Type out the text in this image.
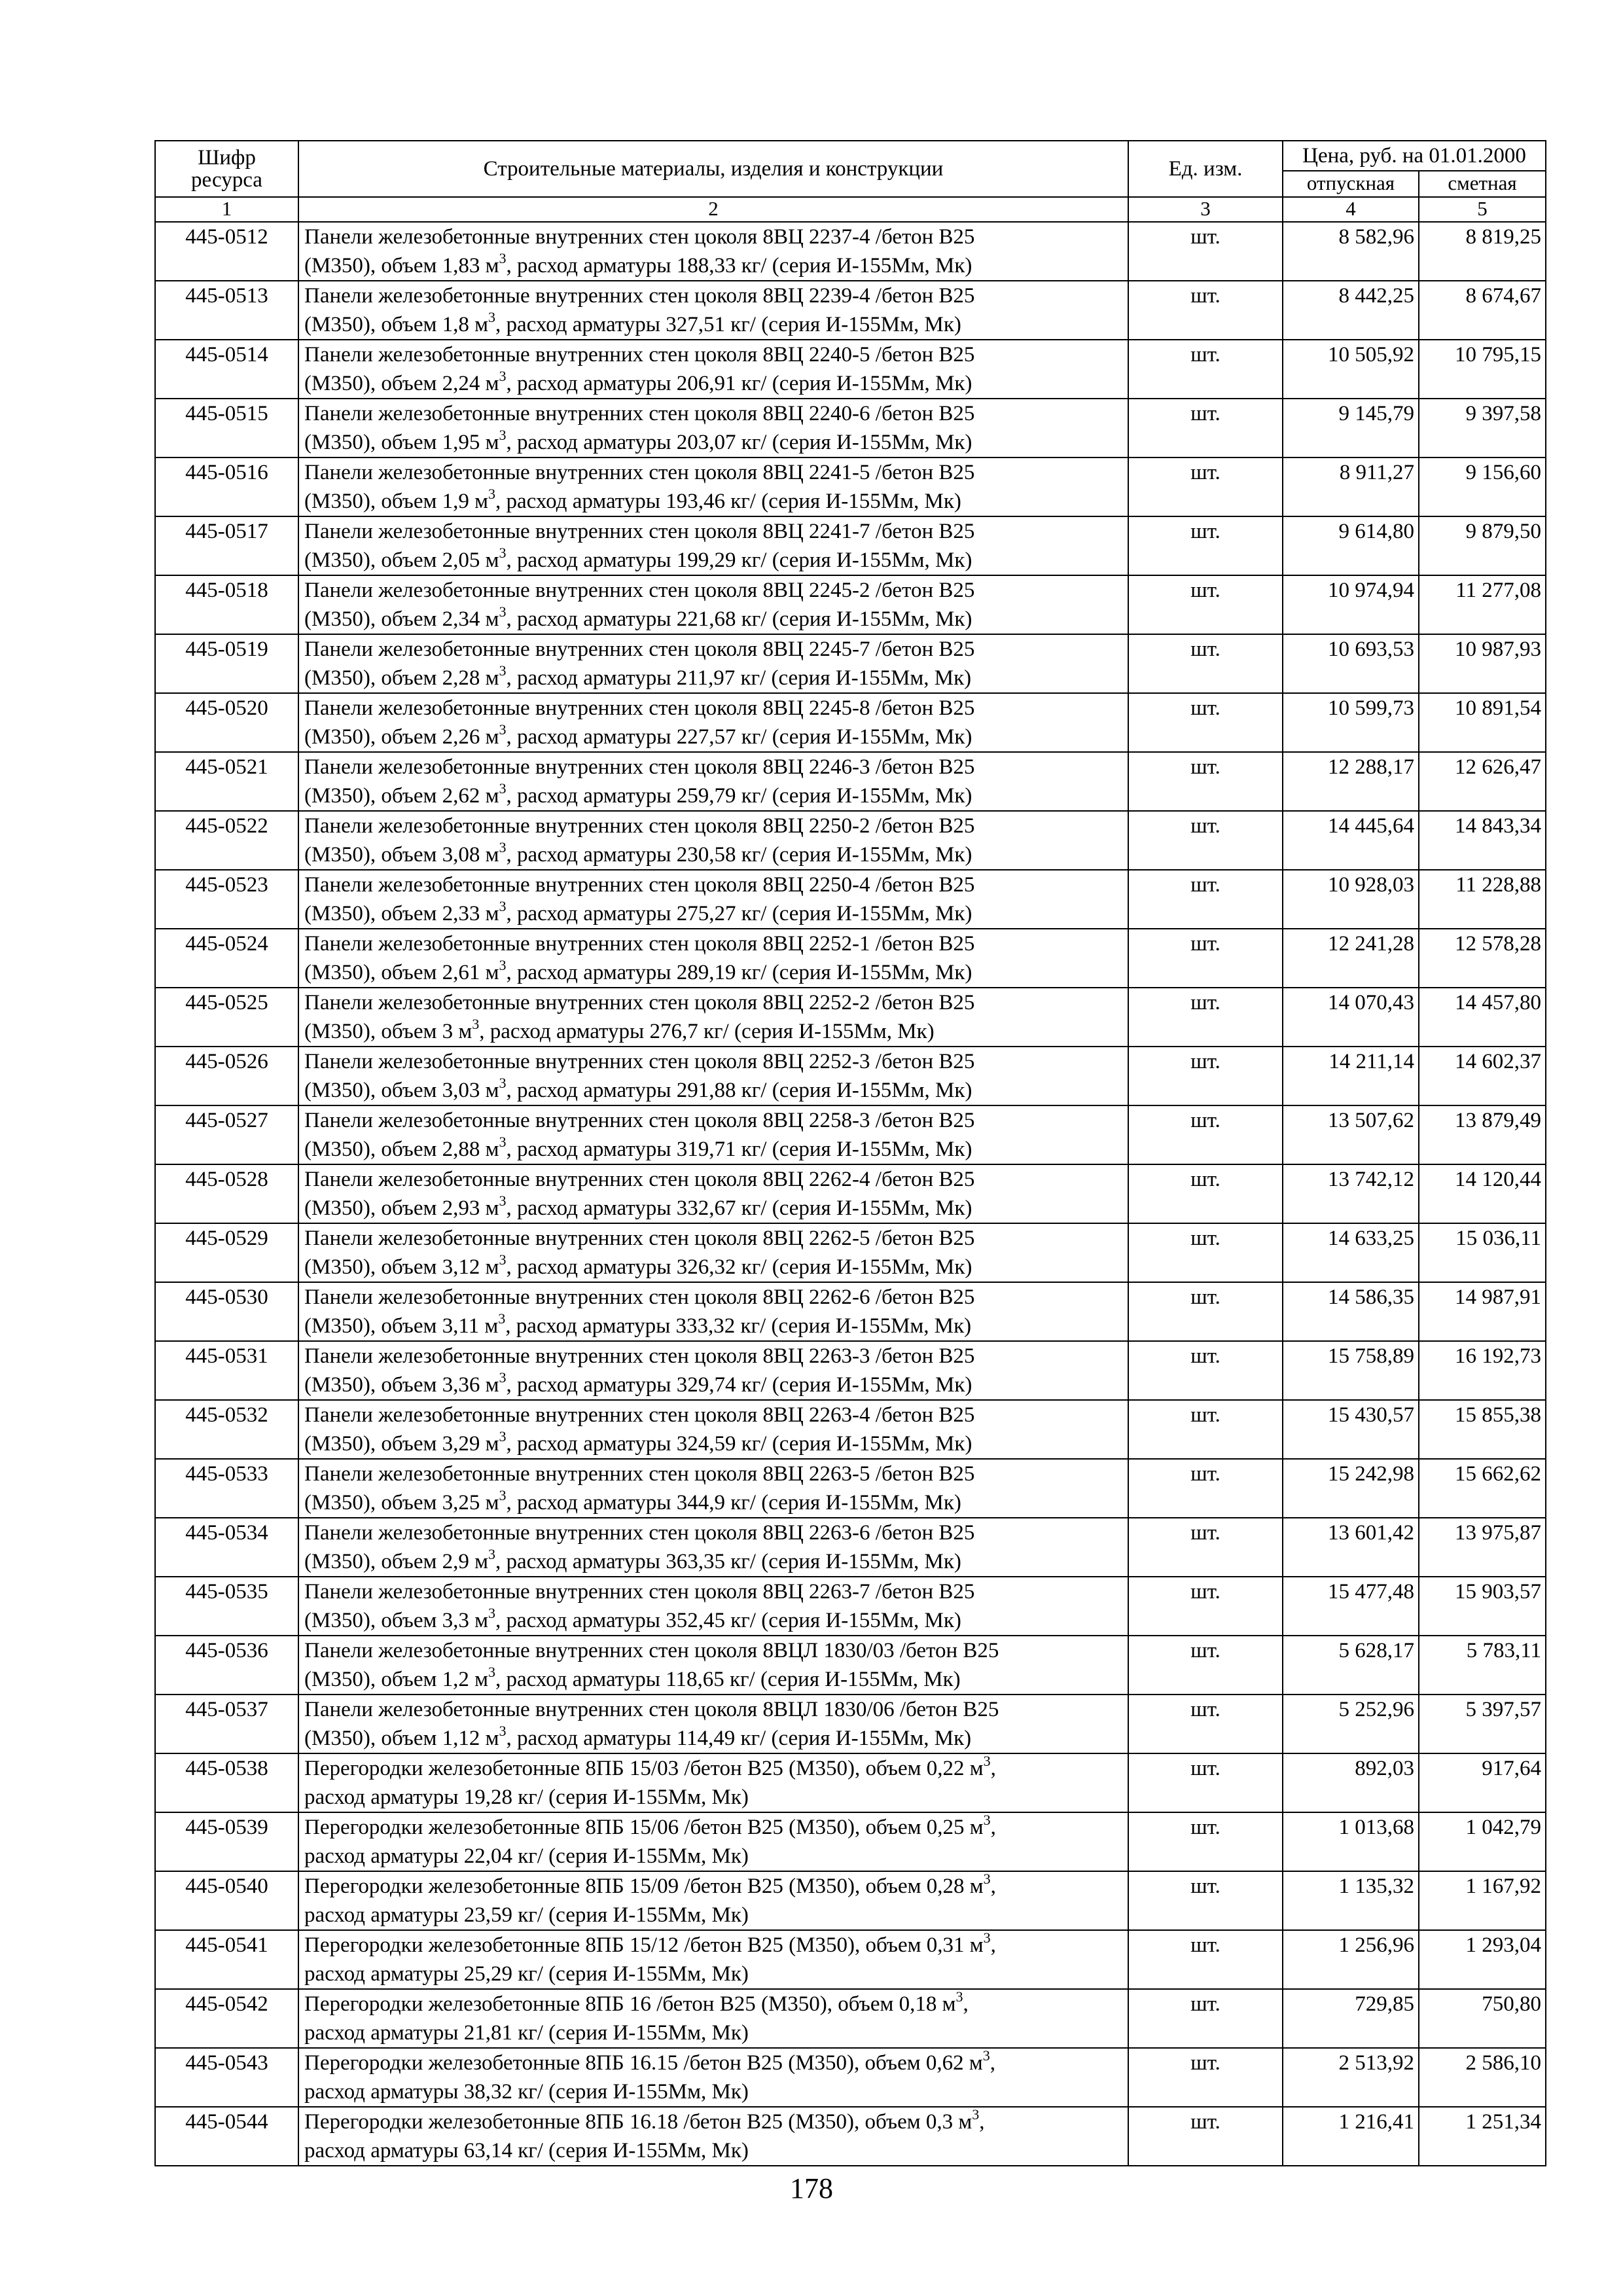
Шифр ресурса	Строительные материалы, изделия и конструкции	Ед. изм.	Цена, руб. на 01.01.2000	
			отпускная	сметная
1	2	3	4	5
445-0512	Панели железобетонные внутренних стен цоколя 8ВЦ 2237-4 /бетон В25
(М350), объем 1,83 $м^3$, расход арматуры 188,33 кг/ (серия И-155Мм, Мк)	шт.	8 582,96	8 819,25
445-0513	Панели железобетонные внутренних стен цоколя 8ВЦ 2239-4 /бетон В25
(М350), объем 1,8 $м^3$, расход арматуры 327,51 кг/ (серия И-155Мм, Мк)	шт.	8 442,25	8 674,67
445-0514	Панели железобетонные внутренних стен цоколя 8ВЦ 2240-5 /бетон В25
(М350), объем 2,24 $м^3$, расход арматуры 206,91 кг/ (серия И-155Мм, Мк)	шт.	10 505,92	10 795,15
445-0515	Панели железобетонные внутренних стен цоколя 8ВЦ 2240-6 /бетон В25
(М350), объем 1,95 $м^3$, расход арматуры 203,07 кг/ (серия И-155Мм, Мк)	шт.	9 145,79	9 397,58
445-0516	Панели железобетонные внутренних стен цоколя 8ВЦ 2241-5 /бетон В25
(М350), объем 1,9 $м^3$, расход арматуры 193,46 кг/ (серия И-155Мм, Мк)	шт.	8 911,27	9 156,60
445-0517	Панели железобетонные внутренних стен цоколя 8ВЦ 2241-7 /бетон В25
(М350), объем 2,05 $м^3$, расход арматуры 199,29 кг/ (серия И-155Мм, Мк)	шт.	9 614,80	9 879,50
445-0518	Панели железобетонные внутренних стен цоколя 8ВЦ 2245-2 /бетон В25
(М350), объем 2,34 $м^3$, расход арматуры 221,68 кг/ (серия И-155Мм, Мк)	шт.	10 974,94	11 277,08
445-0519	Панели железобетонные внутренних стен цоколя 8ВЦ 2245-7 /бетон В25
(М350), объем 2,28 $м^3$, расход арматуры 211,97 кг/ (серия И-155Мм, Мк)	шт.	10 693,53	10 987,93
445-0520	Панели железобетонные внутренних стен цоколя 8ВЦ 2245-8 /бетон В25
(М350), объем 2,26 $м^3$, расход арматуры 227,57 кг/ (серия И-155Мм, Мк)	шт.	10 599,73	10 891,54
445-0521	Панели железобетонные внутренних стен цоколя 8ВЦ 2246-3 /бетон В25
(М350), объем 2,62 $м^3$, расход арматуры 259,79 кг/ (серия И-155Мм, Мк)	шт.	12 288,17	12 626,47
445-0522	Панели железобетонные внутренних стен цоколя 8ВЦ 2250-2 /бетон В25
(М350), объем 3,08 $м^3$, расход арматуры 230,58 кг/ (серия И-155Мм, Мк)	шт.	14 445,64	14 843,34
445-0523	Панели железобетонные внутренних стен цоколя 8ВЦ 2250-4 /бетон В25
(М350), объем 2,33 $м^3$, расход арматуры 275,27 кг/ (серия И-155Мм, Мк)	шт.	10 928,03	11 228,88
445-0524	Панели железобетонные внутренних стен цоколя 8ВЦ 2252-1 /бетон В25
(М350), объем 2,61 $м^3$, расход арматуры 289,19 кг/ (серия И-155Мм, Мк)	шт.	12 241,28	12 578,28
445-0525	Панели железобетонные внутренних стен цоколя 8ВЦ 2252-2 /бетон В25
(М350), объем 3 $м^3$, расход арматуры 276,7 кг/ (серия И-155Мм, Мк)	шт.	14 070,43	14 457,80
445-0526	Панели железобетонные внутренних стен цоколя 8ВЦ 2252-3 /бетон В25
(М350), объем 3,03 $м^3$, расход арматуры 291,88 кг/ (серия И-155Мм, Мк)	шт.	14 211,14	14 602,37
445-0527	Панели железобетонные внутренних стен цоколя 8ВЦ 2258-3 /бетон В25
(М350), объем 2,88 $м^3$, расход арматуры 319,71 кг/ (серия И-155Мм, Мк)	шт.	13 507,62	13 879,49
445-0528	Панели железобетонные внутренних стен цоколя 8ВЦ 2262-4 /бетон В25
(М350), объем 2,93 $м^3$, расход арматуры 332,67 кг/ (серия И-155Мм, Мк)	шт.	13 742,12	14 120,44
445-0529	Панели железобетонные внутренних стен цоколя 8ВЦ 2262-5 /бетон В25
(М350), объем 3,12 $м^3$, расход арматуры 326,32 кг/ (серия И-155Мм, Мк)	шт.	14 633,25	15 036,11
445-0530	Панели железобетонные внутренних стен цоколя 8ВЦ 2262-6 /бетон В25
(М350), объем 3,11 $м^3$, расход арматуры 333,32 кг/ (серия И-155Мм, Мк)	шт.	14 586,35	14 987,91
445-0531	Панели железобетонные внутренних стен цоколя 8ВЦ 2263-3 /бетон В25
(М350), объем 3,36 $м^3$, расход арматуры 329,74 кг/ (серия И-155Мм, Мк)	шт.	15 758,89	16 192,73
445-0532	Панели железобетонные внутренних стен цоколя 8ВЦ 2263-4 /бетон В25
(М350), объем 3,29 $м^3$, расход арматуры 324,59 кг/ (серия И-155Мм, Мк)	шт.	15 430,57	15 855,38
445-0533	Панели железобетонные внутренних стен цоколя 8ВЦ 2263-5 /бетон В25
(М350), объем 3,25 $м^3$, расход арматуры 344,9 кг/ (серия И-155Мм, Мк)	шт.	15 242,98	15 662,62
445-0534	Панели железобетонные внутренних стен цоколя 8ВЦ 2263-6 /бетон В25
(М350), объем 2,9 $м^3$, расход арматуры 363,35 кг/ (серия И-155Мм, Мк)	шт.	13 601,42	13 975,87
445-0535	Панели железобетонные внутренних стен цоколя 8ВЦ 2263-7 /бетон В25
(М350), объем 3,3 $м^3$, расход арматуры 352,45 кг/ (серия И-155Мм, Мк)	шт.	15 477,48	15 903,57
445-0536	Панели железобетонные внутренних стен цоколя 8ВЦЛ 1830/03 /бетон В25
(М350), объем 1,2 $м^3$, расход арматуры 118,65 кг/ (серия И-155Мм, Мк)	шт.	5 628,17	5 783,11
445-0537	Панели железобетонные внутренних стен цоколя 8ВЦЛ 1830/06 /бетон В25
(М350), объем 1,12 $м^3$, расход арматуры 114,49 кг/ (серия И-155Мм, Мк)	шт.	5 252,96	5 397,57
445-0538	Перегородки железобетонные 8ПБ 15/03 /бетон В25 (М350), объем 0,22 $м^3$,
расход арматуры 19,28 кг/ (серия И-155Мм, Мк)	шт.	892,03	917,64
445-0539	Перегородки железобетонные 8ПБ 15/06 /бетон В25 (М350), объем 0,25 $м^3$,
расход арматуры 22,04 кг/ (серия И-155Мм, Мк)	шт.	1 013,68	1 042,79
445-0540	Перегородки железобетонные 8ПБ 15/09 /бетон В25 (М350), объем 0,28 $м^3$,
расход арматуры 23,59 кг/ (серия И-155Мм, Мк)	шт.	1 135,32	1 167,92
445-0541	Перегородки железобетонные 8ПБ 15/12 /бетон В25 (М350), объем 0,31 $м^3$,
расход арматуры 25,29 кг/ (серия И-155Мм, Мк)	шт.	1 256,96	1 293,04
445-0542	Перегородки железобетонные 8ПБ 16 /бетон В25 (М350), объем 0,18 $м^3$,
расход арматуры 21,81 кг/ (серия И-155Мм, Мк)	шт.	729,85	750,80
445-0543	Перегородки железобетонные 8ПБ 16.15 /бетон В25 (М350), объем 0,62 $м^3$,
расход арматуры 38,32 кг/ (серия И-155Мм, Мк)	шт.	2 513,92	2 586,10
445-0544	Перегородки железобетонные 8ПБ 16.18 /бетон В25 (М350), объем 0,3 $м^3$,
расход арматуры 63,14 кг/ (серия И-155Мм, Мк)	шт.	1 216,41	1 251,34
178
